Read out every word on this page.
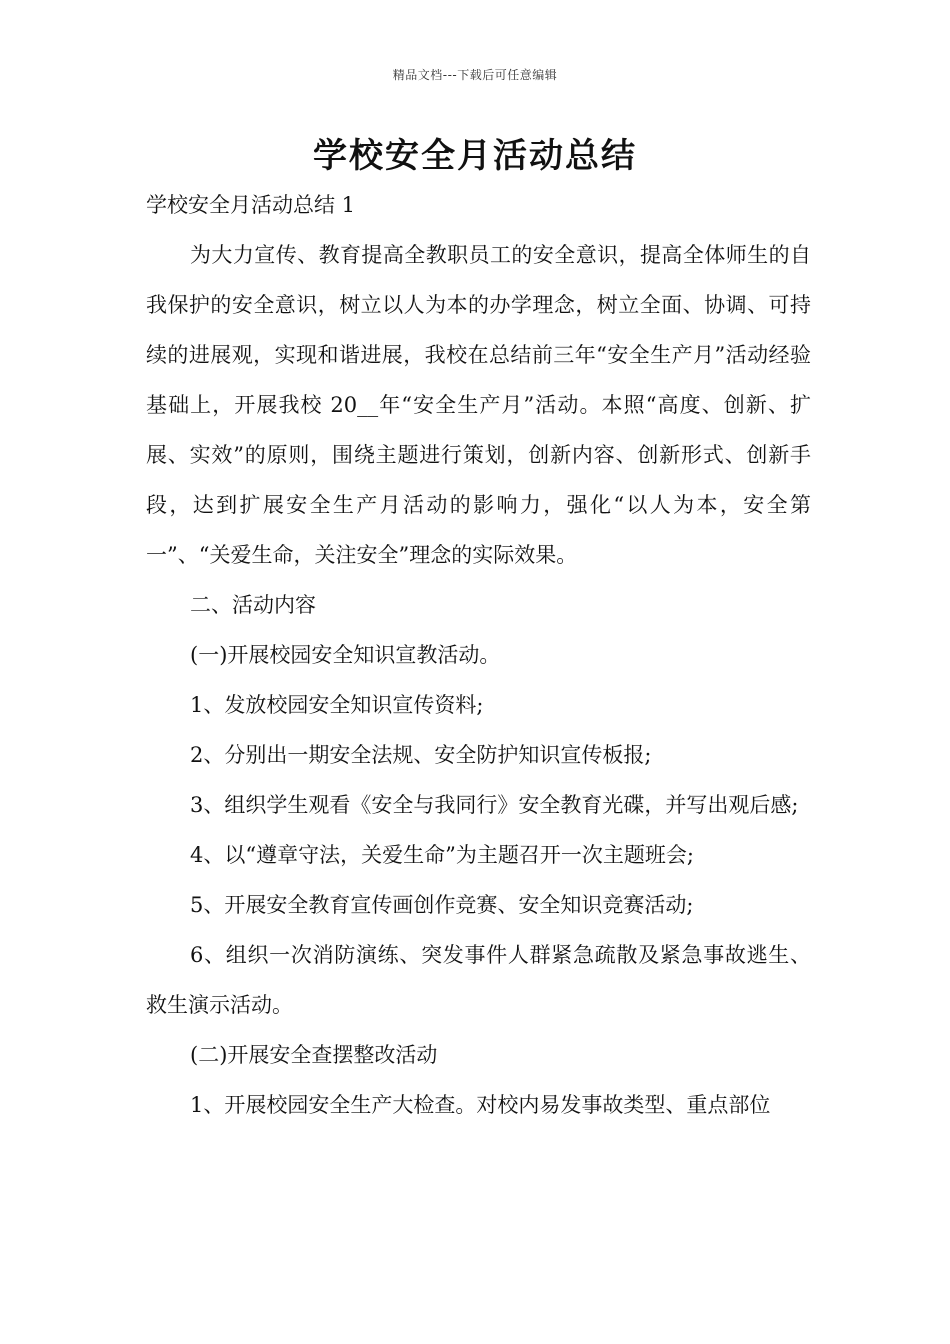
精品文档---下载后可任意编辑
学校安全月活动总结

学校安全月活动总结 1

为大力宣传、教育提高全教职员工的安全意识，提高全体师生的自我保护的安全意识，树立以人为本的办学理念，树立全面、协调、可持续的进展观，实现和谐进展，我校在总结前三年“安全生产月”活动经验基础上，开展我校 20__年“安全生产月”活动。本照“高度、创新、扩展、实效”的原则，围绕主题进行策划，创新内容、创新形式、创新手段，达到扩展安全生产月活动的影响力，强化“以人为本，安全第一”、“关爱生命，关注安全”理念的实际效果。

二、活动内容

(一)开展校园安全知识宣教活动。

1、发放校园安全知识宣传资料;

2、分别出一期安全法规、安全防护知识宣传板报;

3、组织学生观看《安全与我同行》安全教育光碟，并写出观后感;

4、以“遵章守法，关爱生命”为主题召开一次主题班会;

5、开展安全教育宣传画创作竞赛、安全知识竞赛活动;

6、组织一次消防演练、突发事件人群紧急疏散及紧急事故逃生、救生演示活动。

(二)开展安全查摆整改活动

1、开展校园安全生产大检查。对校内易发事故类型、重点部位
